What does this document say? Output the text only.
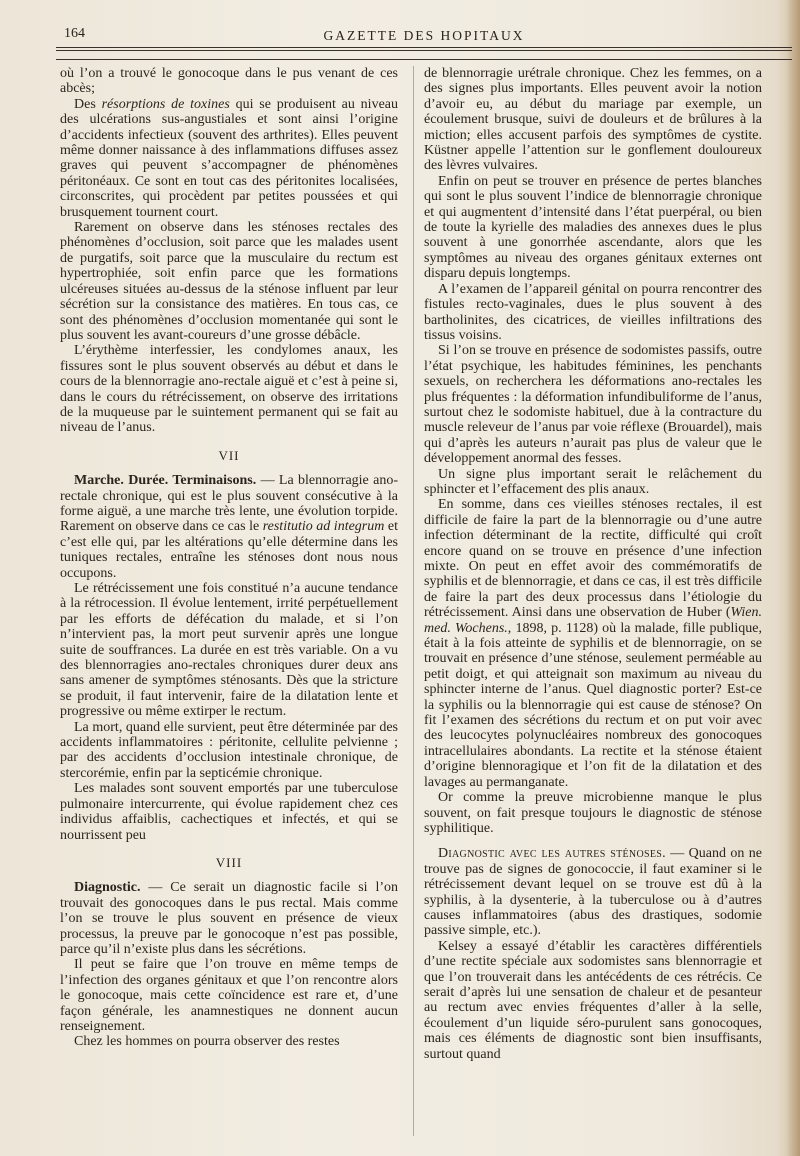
164	GAZETTE DES HOPITAUX

où l’on a trouvé le gonocoque dans le pus venant de ces abcès;

Des résorptions de toxines qui se produisent au niveau des ulcérations sus-angustiales et sont ainsi l’origine d’accidents infectieux (souvent des arthrites). Elles peuvent même donner naissance à des inflammations diffuses assez graves qui peuvent s’accompagner de phénomènes péritonéaux. Ce sont en tout cas des péritonites localisées, circonscrites, qui procèdent par petites poussées et qui brusquement tournent court.

Rarement on observe dans les sténoses rectales des phénomènes d’occlusion, soit parce que les malades usent de purgatifs, soit parce que la musculaire du rectum est hypertrophiée, soit enfin parce que les formations ulcéreuses situées au-dessus de la sténose influent par leur sécrétion sur la consistance des matières. En tous cas, ce sont des phénomènes d’occlusion momentanée qui sont le plus souvent les avant-coureurs d’une grosse débâcle.

L’érythème interfessier, les condylomes anaux, les fissures sont le plus souvent observés au début et dans le cours de la blennorragie ano-rectale aiguë et c’est à peine si, dans le cours du rétrécissement, on observe des irritations de la muqueuse par le suintement permanent qui se fait au niveau de l’anus.

VII

Marche. Durée. Terminaisons. — La blennorragie ano-rectale chronique, qui est le plus souvent consécutive à la forme aiguë, a une marche très lente, une évolution torpide. Rarement on observe dans ce cas le restitutio ad integrum et c’est elle qui, par les altérations qu’elle détermine dans les tuniques rectales, entraîne les sténoses dont nous nous occupons.

Le rétrécissement une fois constitué n’a aucune tendance à la rétrocession. Il évolue lentement, irrité perpétuellement par les efforts de défécation du malade, et si l’on n’intervient pas, la mort peut survenir après une longue suite de souffrances. La durée en est très variable. On a vu des blennorragies ano-rectales chroniques durer deux ans sans amener de symptômes sténosants. Dès que la stricture se produit, il faut intervenir, faire de la dilatation lente et progressive ou même extirper le rectum.

La mort, quand elle survient, peut être déterminée par des accidents inflammatoires : péritonite, cellulite pelvienne ; par des accidents d’occlusion intestinale chronique, de stercorémie, enfin par la septicémie chronique.

Les malades sont souvent emportés par une tuberculose pulmonaire intercurrente, qui évolue rapidement chez ces individus affaiblis, cachectiques et infectés, et qui se nourrissent peu

VIII

Diagnostic. — Ce serait un diagnostic facile si l’on trouvait des gonocoques dans le pus rectal. Mais comme l’on se trouve le plus souvent en présence de vieux processus, la preuve par le gonocoque n’est pas possible, parce qu’il n’existe plus dans les sécrétions.

Il peut se faire que l’on trouve en même temps de l’infection des organes génitaux et que l’on rencontre alors le gonocoque, mais cette coïncidence est rare et, d’une façon générale, les anamnestiques ne donnent aucun renseignement.

Chez les hommes on pourra observer des restes

de blennorragie urétrale chronique. Chez les femmes, on a des signes plus importants. Elles peuvent avoir la notion d’avoir eu, au début du mariage par exemple, un écoulement brusque, suivi de douleurs et de brûlures à la miction; elles accusent parfois des symptômes de cystite. Küstner appelle l’attention sur le gonflement douloureux des lèvres vulvaires.

Enfin on peut se trouver en présence de pertes blanches qui sont le plus souvent l’indice de blennorragie chronique et qui augmentent d’intensité dans l’état puerpéral, ou bien de toute la kyrielle des maladies des annexes dues le plus souvent à une gonorrhée ascendante, alors que les symptômes au niveau des organes génitaux externes ont disparu depuis longtemps.

A l’examen de l’appareil génital on pourra rencontrer des fistules recto-vaginales, dues le plus souvent à des bartholinites, des cicatrices, de vieilles infiltrations des tissus voisins.

Si l’on se trouve en présence de sodomistes passifs, outre l’état psychique, les habitudes féminines, les penchants sexuels, on recherchera les déformations ano-rectales les plus fréquentes : la déformation infundibuliforme de l’anus, surtout chez le sodomiste habituel, due à la contracture du muscle releveur de l’anus par voie réflexe (Brouardel), mais qui d’après les auteurs n’aurait pas plus de valeur que le développement anormal des fesses.

Un signe plus important serait le relâchement du sphincter et l’effacement des plis anaux.

En somme, dans ces vieilles sténoses rectales, il est difficile de faire la part de la blennorragie ou d’une autre infection déterminant de la rectite, difficulté qui croît encore quand on se trouve en présence d’une infection mixte. On peut en effet avoir des commémoratifs de syphilis et de blennorragie, et dans ce cas, il est très difficile de faire la part des deux processus dans l’étiologie du rétrécissement. Ainsi dans une observation de Huber (Wien. med. Wochens., 1898, p. 1128) où la malade, fille publique, était à la fois atteinte de syphilis et de blennorragie, on se trouvait en présence d’une sténose, seulement perméable au petit doigt, et qui atteignait son maximum au niveau du sphincter interne de l’anus. Quel diagnostic porter? Est-ce la syphilis ou la blennorragie qui est cause de sténose? On fit l’examen des sécrétions du rectum et on put voir avec des leucocytes polynucléaires nombreux des gonocoques intracellulaires abondants. La rectite et la sténose étaient d’origine blennoragique et l’on fit de la dilatation et des lavages au permanganate.

Or comme la preuve microbienne manque le plus souvent, on fait presque toujours le diagnostic de sténose syphilitique.

Diagnostic avec les autres sténoses. — Quand on ne trouve pas de signes de gonococcie, il faut examiner si le rétrécissement devant lequel on se trouve est dû à la syphilis, à la dysenterie, à la tuberculose ou à d’autres causes inflammatoires (abus des drastiques, sodomie passive simple, etc.).

Kelsey a essayé d’établir les caractères différentiels d’une rectite spéciale aux sodomistes sans blennorragie et que l’on trouverait dans les antécédents de ces rétrécis. Ce serait d’après lui une sensation de chaleur et de pesanteur au rectum avec envies fréquentes d’aller à la selle, écoulement d’un liquide séro-purulent sans gonocoques, mais ces éléments de diagnostic sont bien insuffisants, surtout quand
